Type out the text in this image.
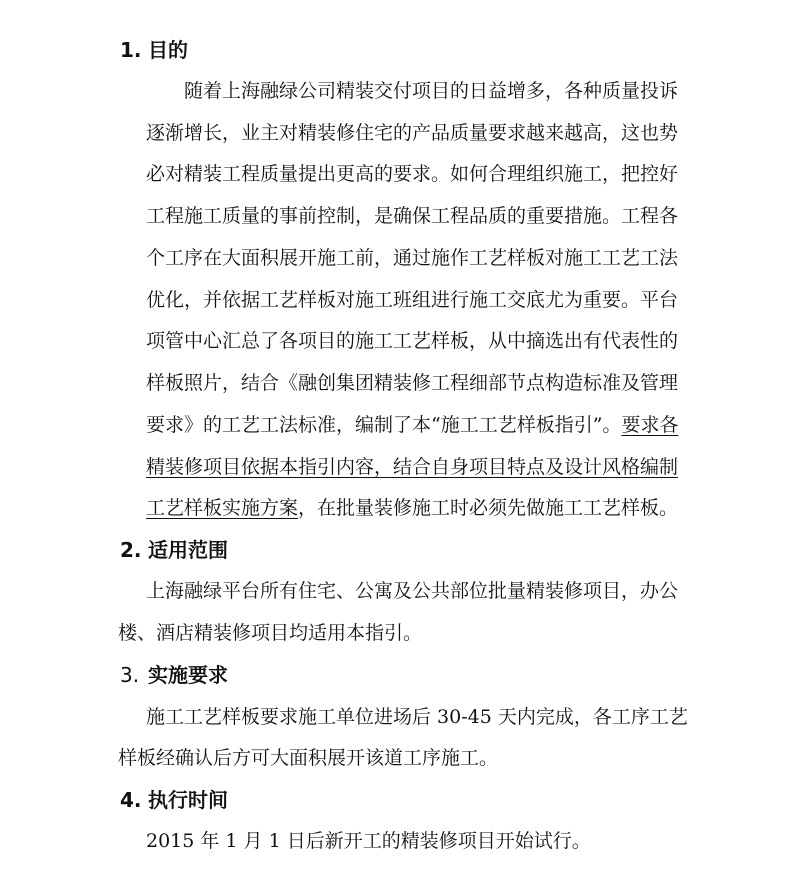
1. 目的
　　随着上海融绿公司精装交付项目的日益增多，各种质量投诉
逐渐增长，业主对精装修住宅的产品质量要求越来越高，这也势
必对精装工程质量提出更高的要求。如何合理组织施工，把控好
工程施工质量的事前控制，是确保工程品质的重要措施。工程各
个工序在大面积展开施工前，通过施作工艺样板对施工工艺工法
优化，并依据工艺样板对施工班组进行施工交底尤为重要。平台
项管中心汇总了各项目的施工工艺样板，从中摘选出有代表性的
样板照片，结合《融创集团精装修工程细部节点构造标准及管理
要求》的工艺工法标准，编制了本“施工工艺样板指引”。要求各
精装修项目依据本指引内容，结合自身项目特点及设计风格编制
工艺样板实施方案，在批量装修施工时必须先做施工工艺样板。
2. 适用范围
上海融绿平台所有住宅、公寓及公共部位批量精装修项目，办公
楼、酒店精装修项目均适用本指引。
3. 实施要求
施工工艺样板要求施工单位进场后 30-45 天内完成，各工序工艺
样板经确认后方可大面积展开该道工序施工。
4. 执行时间
2015 年 1 月 1 日后新开工的精装修项目开始试行。
